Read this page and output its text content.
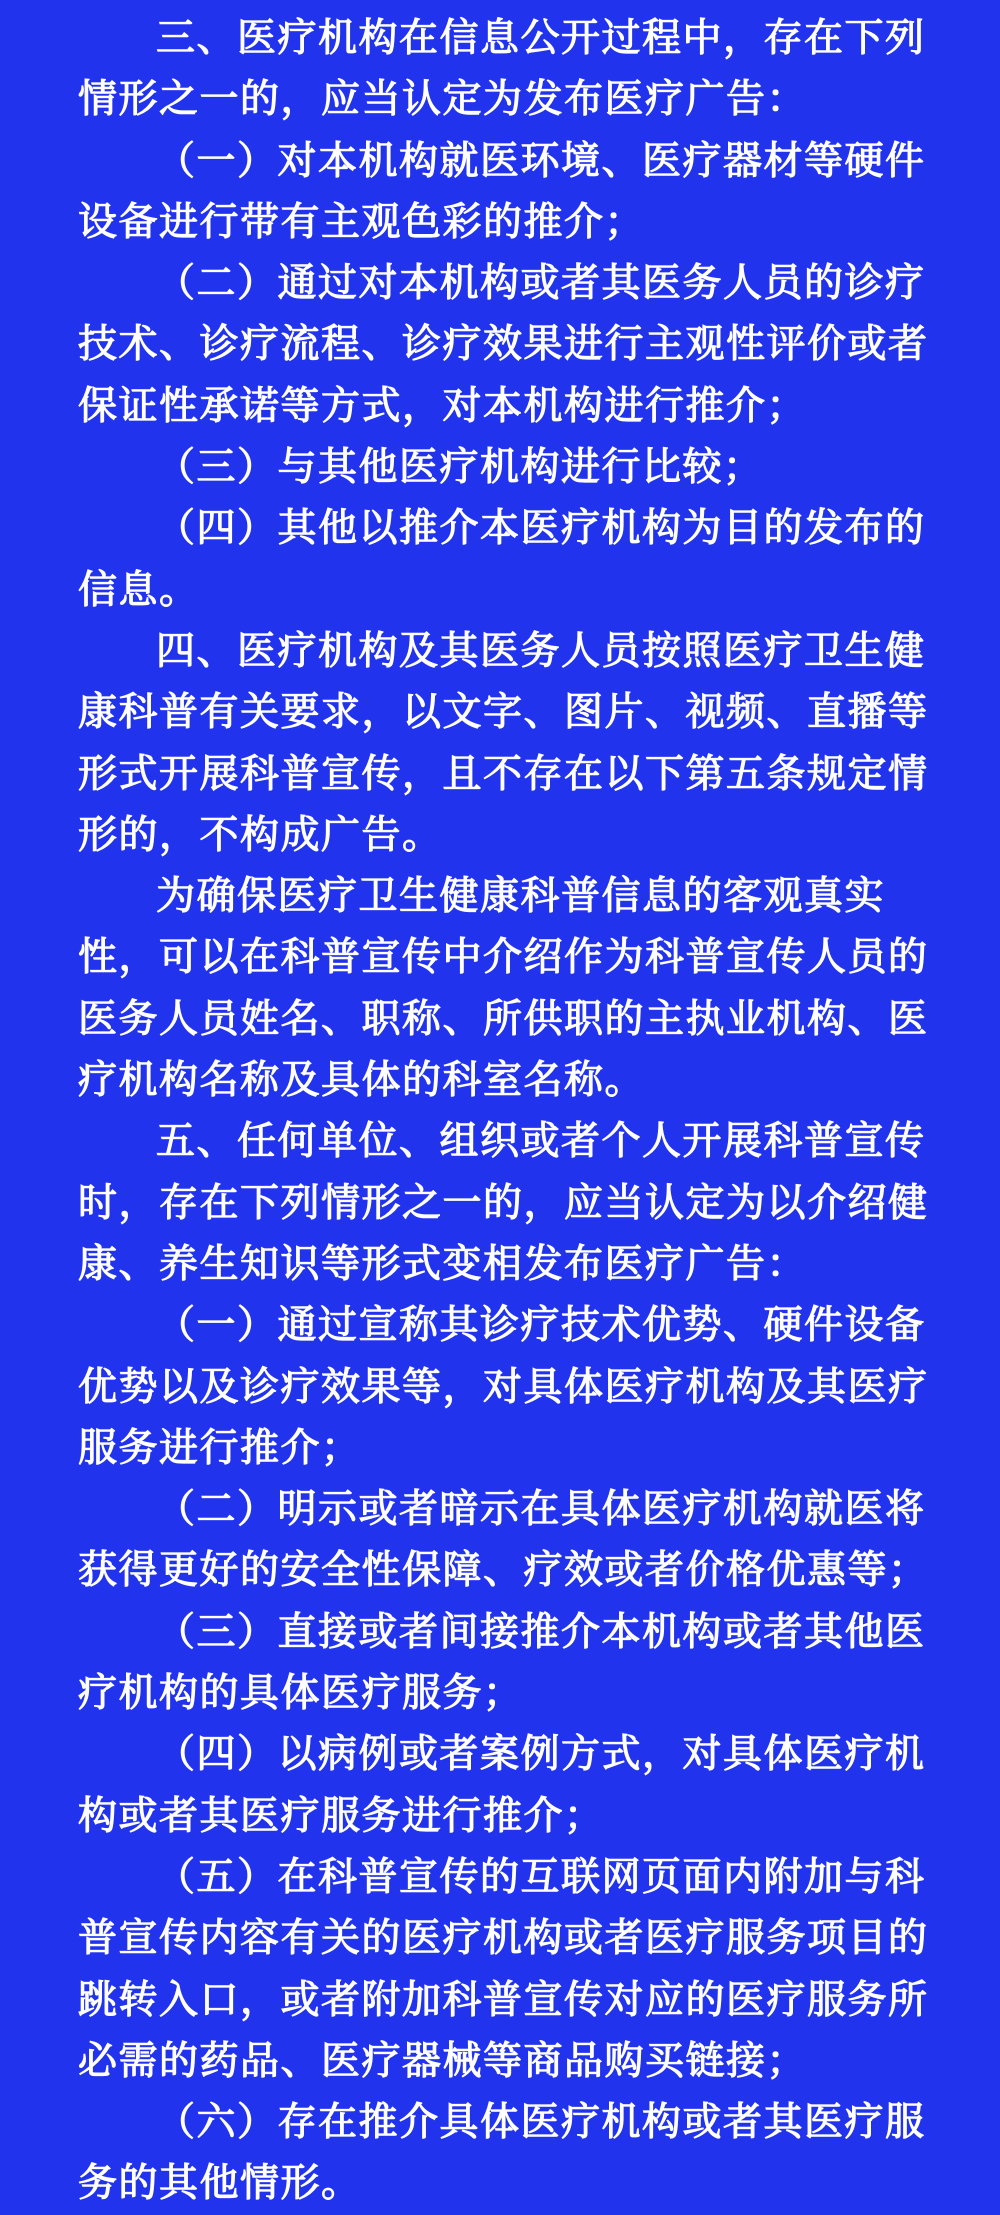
三、医疗机构在信息公开过程中，存在下列
情形之一的，应当认定为发布医疗广告：

（一）对本机构就医环境、医疗器材等硬件
设备进行带有主观色彩的推介；

（二）通过对本机构或者其医务人员的诊疗
技术、诊疗流程、诊疗效果进行主观性评价或者
保证性承诺等方式，对本机构进行推介；

（三）与其他医疗机构进行比较；

（四）其他以推介本医疗机构为目的发布的
信息。

四、医疗机构及其医务人员按照医疗卫生健
康科普有关要求，以文字、图片、视频、直播等
形式开展科普宣传，且不存在以下第五条规定情
形的，不构成广告。

为确保医疗卫生健康科普信息的客观真实
性，可以在科普宣传中介绍作为科普宣传人员的
医务人员姓名、职称、所供职的主执业机构、医
疗机构名称及具体的科室名称。

五、任何单位、组织或者个人开展科普宣传
时，存在下列情形之一的，应当认定为以介绍健
康、养生知识等形式变相发布医疗广告：

（一）通过宣称其诊疗技术优势、硬件设备
优势以及诊疗效果等，对具体医疗机构及其医疗
服务进行推介；

（二）明示或者暗示在具体医疗机构就医将
获得更好的安全性保障、疗效或者价格优惠等；

（三）直接或者间接推介本机构或者其他医
疗机构的具体医疗服务；

（四）以病例或者案例方式，对具体医疗机
构或者其医疗服务进行推介；

（五）在科普宣传的互联网页面内附加与科
普宣传内容有关的医疗机构或者医疗服务项目的
跳转入口，或者附加科普宣传对应的医疗服务所
必需的药品、医疗器械等商品购买链接；

（六）存在推介具体医疗机构或者其医疗服
务的其他情形。
